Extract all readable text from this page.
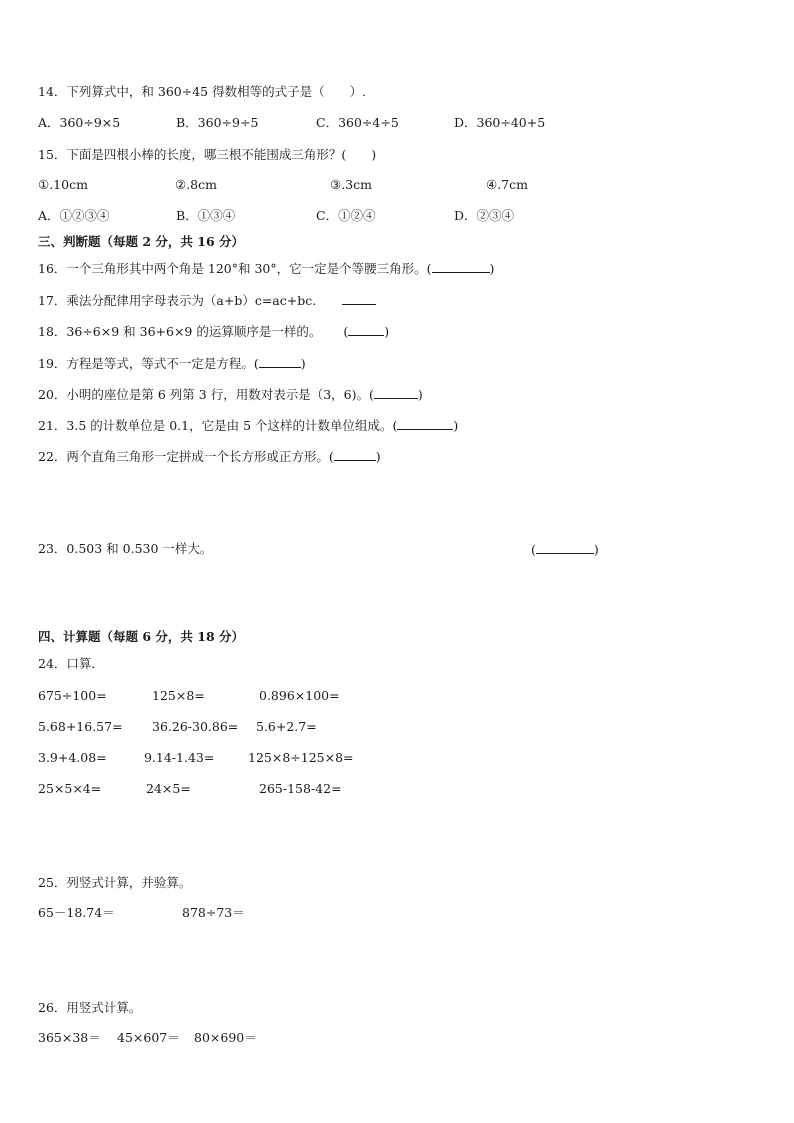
14．下列算式中，和 360÷45 得数相等的式子是（　　）.
A．360÷9×5	B．360÷9÷5	C．360÷4÷5	D．360÷40+5
15．下面是四根小棒的长度，哪三根不能围成三角形？(　　)
①.10cm	②.8cm	③.3cm	④.7cm
A．①②③④	B．①③④	C．①②④	D．②③④
三、判断题（每题 2 分，共 16 分）
16．一个三角形其中两个角是 120°和 30°，它一定是个等腰三角形。(	)
17．乘法分配律用字母表示为（a+b）c=ac+bc.
18．36÷6×9 和 36+6×9 的运算顺序是一样的。 (	)
19．方程是等式，等式不一定是方程。(	)
20．小明的座位是第 6 列第 3 行，用数对表示是（3，6)。(	)
21．3.5 的计数单位是 0.1，它是由 5 个这样的计数单位组成。(	)
22．两个直角三角形一定拼成一个长方形或正方形。(	)
23．0.503 和 0.530 一样大。	(	)
四、计算题（每题 6 分，共 18 分）
24．口算．
675÷100=	125×8=	0.896×100=
5.68+16.57= 36.26-30.86= 5.6+2.7=
3.9+4.08=	9.14-1.43=	125×8÷125×8=
25×5×4=	24×5=	265-158-42=
25．列竖式计算，并验算。
65－18.74＝	878÷73＝
26．用竖式计算。
365×38＝ 45×607＝ 80×690＝
